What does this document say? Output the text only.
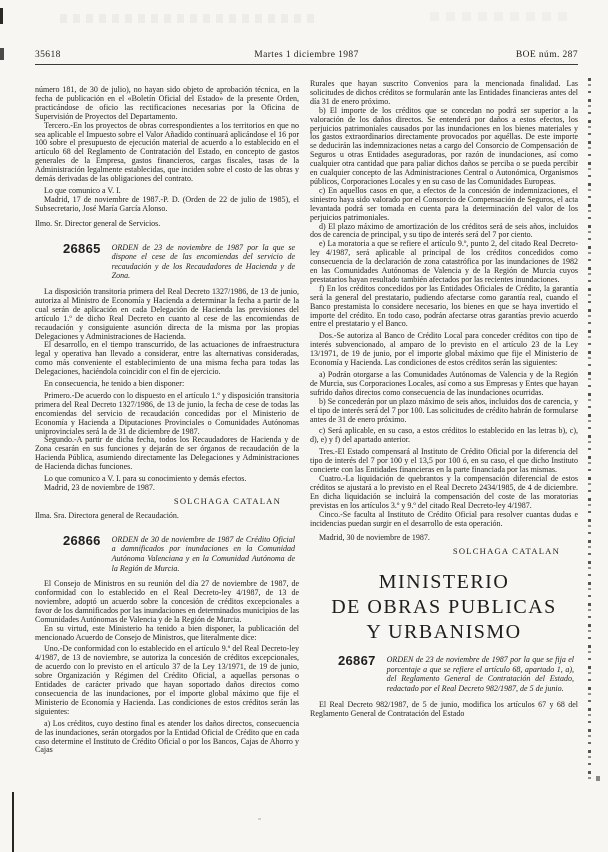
35618	Martes 1 diciembre 1987	BOE núm. 287

número 181, de 30 de julio), no hayan sido objeto de aprobación técnica, en la fecha de publicación en el «Boletín Oficial del Estado» de la presente Orden, practicándose de oficio las rectificaciones necesarias por la Oficina de Supervisión de Proyectos del Departamento.

Tercero.-En los proyectos de obras correspondientes a los territorios en que no sea aplicable el Impuesto sobre el Valor Añadido continuará aplicándose el 16 por 100 sobre el presupuesto de ejecución material de acuerdo a lo establecido en el artículo 68 del Reglamento de Contratación del Estado, en concepto de gastos generales de la Empresa, gastos financieros, cargas fiscales, tasas de la Administración legalmente establecidas, que inciden sobre el costo de las obras y demás derivadas de las obligaciones del contrato.

Lo que comunico a V. I.

Madrid, 17 de noviembre de 1987.-P. D. (Orden de 22 de julio de 1985), el Subsecretario, José María García Alonso.

Ilmo. Sr. Director general de Servicios.

26865 ORDEN de 23 de noviembre de 1987 por la que se dispone el cese de las encomiendas del servicio de recaudación y de los Recaudadores de Hacienda y de Zona.

La disposición transitoria primera del Real Decreto 1327/1986, de 13 de junio, autoriza al Ministro de Economía y Hacienda a determinar la fecha a partir de la cual serán de aplicación en cada Delegación de Hacienda las previsiones del artículo 1.º de dicho Real Decreto en cuanto al cese de las encomiendas de recaudación y consiguiente asunción directa de la misma por las propias Delegaciones y Administraciones de Hacienda.

El desarrollo, en el tiempo transcurrido, de las actuaciones de infraestructura legal y operativa han llevado a considerar, entre las alternativas consideradas, como más conveniente el establecimiento de una misma fecha para todas las Delegaciones, haciéndola coincidir con el fin de ejercicio.

En consecuencia, he tenido a bien disponer:

Primero.-De acuerdo con lo dispuesto en el artículo 1.º y disposición transitoria primera del Real Decreto 1327/1986, de 13 de junio, la fecha de cese de todas las encomiendas del servicio de recaudación concedidas por el Ministerio de Economía y Hacienda a Diputaciones Provinciales o Comunidades Autónomas uniprovinciales será la de 31 de diciembre de 1987.

Segundo.-A partir de dicha fecha, todos los Recaudadores de Hacienda y de Zona cesarán en sus funciones y dejarán de ser órganos de recaudación de la Hacienda Pública, asumiendo directamente las Delegaciones y Administraciones de Hacienda dichas funciones.

Lo que comunico a V. I. para su conocimiento y demás efectos.

Madrid, 23 de noviembre de 1987.

SOLCHAGA CATALAN

Ilma. Sra. Directora general de Recaudación.

26866 ORDEN de 30 de noviembre de 1987 de Crédito Oficial a damnificados por inundaciones en la Comunidad Autónoma Valenciana y en la Comunidad Autónoma de la Región de Murcia.

El Consejo de Ministros en su reunión del día 27 de noviembre de 1987, de conformidad con lo establecido en el Real Decreto-ley 4/1987, de 13 de noviembre, adoptó un acuerdo sobre la concesión de créditos excepcionales a favor de los damnificados por las inundaciones en determinados municipios de las Comunidades Autónomas de Valencia y de la Región de Murcia.

En su virtud, este Ministerio ha tenido a bien disponer, la publicación del mencionado Acuerdo de Consejo de Ministros, que literalmente dice:

Uno.-De conformidad con lo establecido en el artículo 9.º del Real Decreto-ley 4/1987, de 13 de noviembre, se autoriza la concesión de créditos excepcionales, de acuerdo con lo previsto en el artículo 37 de la Ley 13/1971, de 19 de junio, sobre Organización y Régimen del Crédito Oficial, a aquellas personas o Entidades de carácter privado que hayan soportado daños directos como consecuencia de las inundaciones, por el importe global máximo que fije el Ministerio de Economía y Hacienda. Las condiciones de estos créditos serán las siguientes:

a) Los créditos, cuyo destino final es atender los daños directos, consecuencia de las inundaciones, serán otorgados por la Entidad Oficial de Crédito que en cada caso determine el Instituto de Crédito Oficial o por los Bancos, Cajas de Ahorro y Cajas

Rurales que hayan suscrito Convenios para la mencionada finalidad. Las solicitudes de dichos créditos se formularán ante las Entidades financieras antes del día 31 de enero próximo.

b) El importe de los créditos que se concedan no podrá ser superior a la valoración de los daños directos. Se entenderá por daños a estos efectos, los perjuicios patrimoniales causados por las inundaciones en los bienes materiales y los gastos extraordinarios directamente provocados por aquéllas. De este importe se deducirán las indemnizaciones netas a cargo del Consorcio de Compensación de Seguros u otras Entidades aseguradoras, por razón de inundaciones, así como cualquier otra cantidad que para paliar dichos daños se perciba o se pueda percibir en cualquier concepto de las Administraciones Central o Autonómica, Organismos públicos, Corporaciones Locales y en su caso de las Comunidades Europeas.

c) En aquellos casos en que, a efectos de la concesión de indemnizaciones, el siniestro haya sido valorado por el Consorcio de Compensación de Seguros, el acta levantada podrá ser tomada en cuenta para la determinación del valor de los perjuicios patrimoniales.

d) El plazo máximo de amortización de los créditos será de seis años, incluidos dos de carencia de principal, y su tipo de interés será del 7 por ciento.

e) La moratoria a que se refiere el artículo 9.º, punto 2, del citado Real Decreto-ley 4/1987, será aplicable al principal de los créditos concedidos como consecuencia de la declaración de zona catastrófica por las inundaciones de 1982 en las Comunidades Autónomas de Valencia y de la Región de Murcia cuyos prestatarios hayan resultado también afectados por las recientes inundaciones.

f) En los créditos concedidos por las Entidades Oficiales de Crédito, la garantía será la general del prestatario, pudiendo afectarse como garantía real, cuando el Banco prestamista lo considere necesario, los bienes en que se haya invertido el importe del crédito. En todo caso, podrán afectarse otras garantías previo acuerdo entre el prestatario y el Banco.

Dos.-Se autoriza al Banco de Crédito Local para conceder créditos con tipo de interés subvencionado, al amparo de lo previsto en el artículo 23 de la Ley 13/1971, de 19 de junio, por el importe global máximo que fije el Ministerio de Economía y Hacienda. Las condiciones de estos créditos serán las siguientes:

a) Podrán otorgarse a las Comunidades Autónomas de Valencia y de la Región de Murcia, sus Corporaciones Locales, así como a sus Empresas y Entes que hayan sufrido daños directos como consecuencia de las inundaciones ocurridas.

b) Se concederán por un plazo máximo de seis años, incluidos dos de carencia, y el tipo de interés será del 7 por 100. Las solicitudes de crédito habrán de formularse antes de 31 de enero próximo.

c) Será aplicable, en su caso, a estos créditos lo establecido en las letras b), c), d), e) y f) del apartado anterior.

Tres.-El Estado compensará al Instituto de Crédito Oficial por la diferencia del tipo de interés del 7 por 100 y el 13,5 por 100 ó, en su caso, el que dicho Instituto concierte con las Entidades financieras en la parte financiada por las mismas.

Cuatro.-La liquidación de quebrantos y la compensación diferencial de estos créditos se ajustará a lo previsto en el Real Decreto 2434/1985, de 4 de diciembre. En dicha liquidación se incluirá la compensación del coste de las moratorias previstas en los artículos 3.º y 9.º del citado Real Decreto-ley 4/1987.

Cinco.-Se faculta al Instituto de Crédito Oficial para resolver cuantas dudas e incidencias puedan surgir en el desarrollo de esta operación.

Madrid, 30 de noviembre de 1987.

SOLCHAGA CATALAN

MINISTERIO
DE OBRAS PUBLICAS
Y URBANISMO
26867 ORDEN de 23 de noviembre de 1987 por la que se fija el porcentaje a que se refiere el artículo 68, apartado 1, a), del Reglamento General de Contratación del Estado, redactado por el Real Decreto 982/1987, de 5 de junio.

El Real Decreto 982/1987, de 5 de junio, modifica los artículos 67 y 68 del Reglamento General de Contratación del Estado
